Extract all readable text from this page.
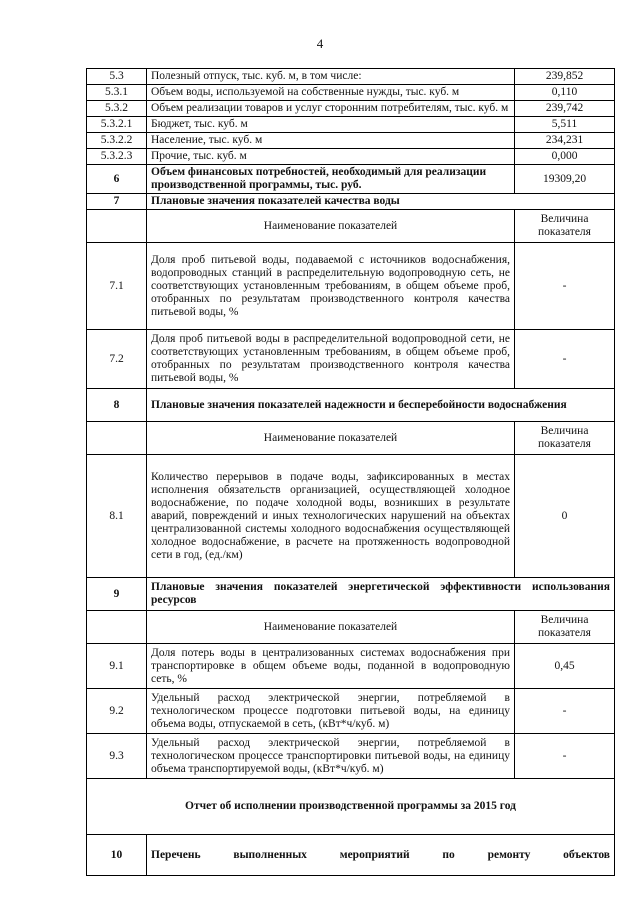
4
5.3	Полезный отпуск, тыс. куб. м, в том числе:	239,852
5.3.1	Объем воды, используемой на собственные нужды, тыс. куб. м	0,110
5.3.2	Объем реализации товаров и услуг сторонним потребителям, тыс. куб. м	239,742
5.3.2.1	Бюджет, тыс. куб. м	5,511
5.3.2.2	Население, тыс. куб. м	234,231
5.3.2.3	Прочие, тыс. куб. м	0,000
6	Объем финансовых потребностей, необходимый для реализации производственной программы, тыс. руб.	19309,20
7	Плановые значения показателей качества воды	
	Наименование показателей	Величина показателя
7.1	Доля проб питьевой воды, подаваемой с источников водоснабжения, водопроводных станций в распределительную водопроводную сеть, не соответствующих установленным требованиям, в общем объеме проб, отобранных по результатам производственного контроля качества питьевой воды, %	-
7.2	Доля проб питьевой воды в распределительной водопроводной сети, не соответствующих установленным требованиям, в общем объеме проб, отобранных по результатам производственного контроля качества питьевой воды, %	-
8	Плановые значения показателей надежности и бесперебойности водоснабжения	
	Наименование показателей	Величина показателя
8.1	Количество перерывов в подаче воды, зафиксированных в местах исполнения обязательств организацией, осуществляющей холодное водоснабжение, по подаче холодной воды, возникших в результате аварий, повреждений и иных технологических нарушений на объектах централизованной системы холодного водоснабжения осуществляющей холодное водоснабжение, в расчете на протяженность водопроводной сети в год, (ед./км)	0
9	Плановые значения показателей энергетической эффективности использования ресурсов	
	Наименование показателей	Величина показателя
9.1	Доля потерь воды в централизованных системах водоснабжения при транспортировке в общем объеме воды, поданной в водопроводную сеть, %	0,45
9.2	Удельный расход электрической энергии, потребляемой в технологическом процессе подготовки питьевой воды, на единицу объема воды, отпускаемой в сеть, (кВт*ч/куб. м)	-
9.3	Удельный расход электрической энергии, потребляемой в технологическом процессе транспортировки питьевой воды, на единицу объема транспортируемой воды, (кВт*ч/куб. м)	-
Отчет об исполнении производственной программы за 2015 год		
10	Перечень выполненных мероприятий по ремонту объектов	
